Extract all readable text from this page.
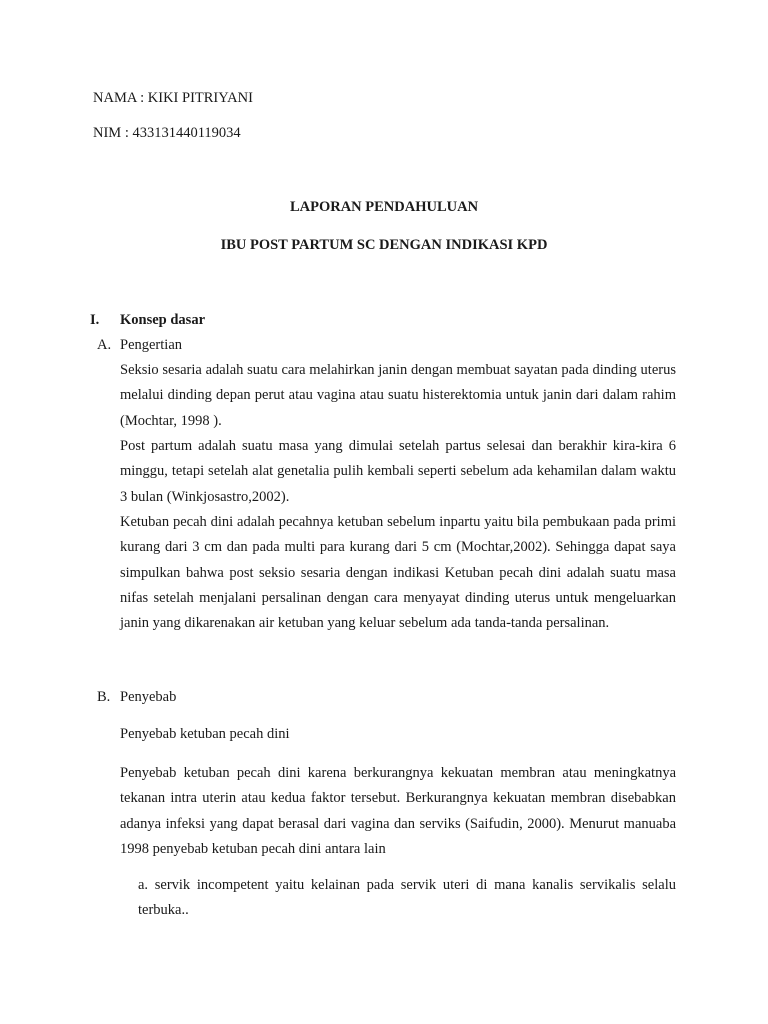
NAMA : KIKI PITRIYANI
NIM : 433131440119034
LAPORAN PENDAHULUAN
IBU POST PARTUM SC DENGAN INDIKASI KPD
I. Konsep dasar
A. Pengertian
Seksio sesaria adalah suatu cara melahirkan janin dengan membuat sayatan pada dinding uterus melalui dinding depan perut atau vagina atau suatu histerektomia untuk janin dari dalam rahim (Mochtar, 1998 ).
Post partum adalah suatu masa yang dimulai setelah partus selesai dan berakhir kira-kira 6 minggu, tetapi setelah alat genetalia pulih kembali seperti sebelum ada kehamilan dalam waktu 3 bulan (Winkjosastro,2002).
Ketuban pecah dini adalah pecahnya ketuban sebelum inpartu yaitu bila pembukaan pada primi kurang dari 3 cm dan pada multi para kurang dari 5 cm (Mochtar,2002). Sehingga dapat saya simpulkan bahwa post seksio sesaria dengan indikasi Ketuban pecah dini adalah suatu masa nifas setelah menjalani persalinan dengan cara menyayat dinding uterus untuk mengeluarkan janin yang dikarenakan air ketuban yang keluar sebelum ada tanda-tanda persalinan.
B. Penyebab
Penyebab ketuban pecah dini
Penyebab ketuban pecah dini karena berkurangnya kekuatan membran atau meningkatnya tekanan intra uterin atau kedua faktor tersebut. Berkurangnya kekuatan membran disebabkan adanya infeksi yang dapat berasal dari vagina dan serviks (Saifudin, 2000). Menurut manuaba 1998 penyebab ketuban pecah dini antara lain
a. servik incompetent yaitu kelainan pada servik uteri di mana kanalis servikalis selalu terbuka..
